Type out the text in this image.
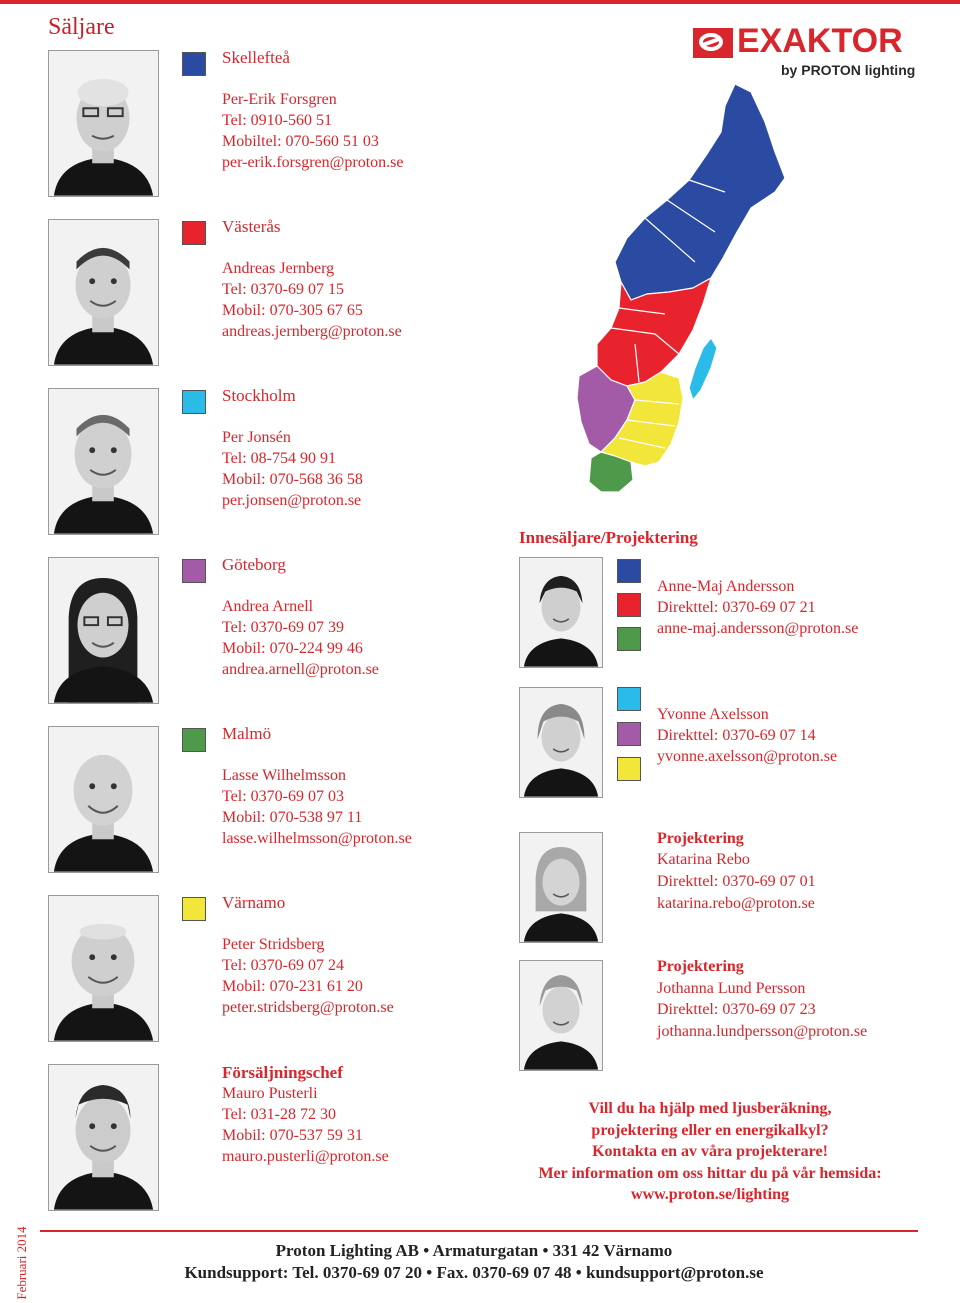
Säljare	EXAKTOR
by PROTON lighting
Skellefteå
Per-Erik Forsgren
Tel: 0910-560 51
Mobiltel: 070-560 51 03
per-erik.forsgren@proton.se
Västerås
Andreas Jernberg
Tel: 0370-69 07 15
Mobil: 070-305 67 65
andreas.jernberg@proton.se
Stockholm
Per Jonsén
Tel: 08-754 90 91
Mobil: 070-568 36 58
per.jonsen@proton.se
Göteborg
Andrea Arnell
Tel: 0370-69 07 39
Mobil: 070-224 99 46
andrea.arnell@proton.se
Malmö
Lasse Wilhelmsson
Tel: 0370-69 07 03
Mobil: 070-538 97 11
lasse.wilhelmsson@proton.se
Värnamo
Peter Stridsberg
Tel: 0370-69 07 24
Mobil: 070-231 61 20
peter.stridsberg@proton.se
Försäljningschef
Mauro Pusterli
Tel: 031-28 72 30
Mobil: 070-537 59 31
mauro.pusterli@proton.se
Innesäljare/Projektering
Anne-Maj Andersson
Direkttel: 0370-69 07 21
anne-maj.andersson@proton.se
Yvonne Axelsson
Direkttel: 0370-69 07 14
yvonne.axelsson@proton.se
Projektering
Katarina Rebo
Direkttel: 0370-69 07 01
katarina.rebo@proton.se
Projektering
Jothanna Lund Persson
Direkttel: 0370-69 07 23
jothanna.lundpersson@proton.se
Vill du ha hjälp med ljusberäkning,
projektering eller en energikalkyl?
Kontakta en av våra projekterare!
Mer information om oss hittar du på vår hemsida:
www.proton.se/lighting
Februari 2014	Proton Lighting AB • Armaturgatan • 331 42 Värnamo
Kundsupport: Tel. 0370-69 07 20 • Fax. 0370-69 07 48 • kundsupport@proton.se
